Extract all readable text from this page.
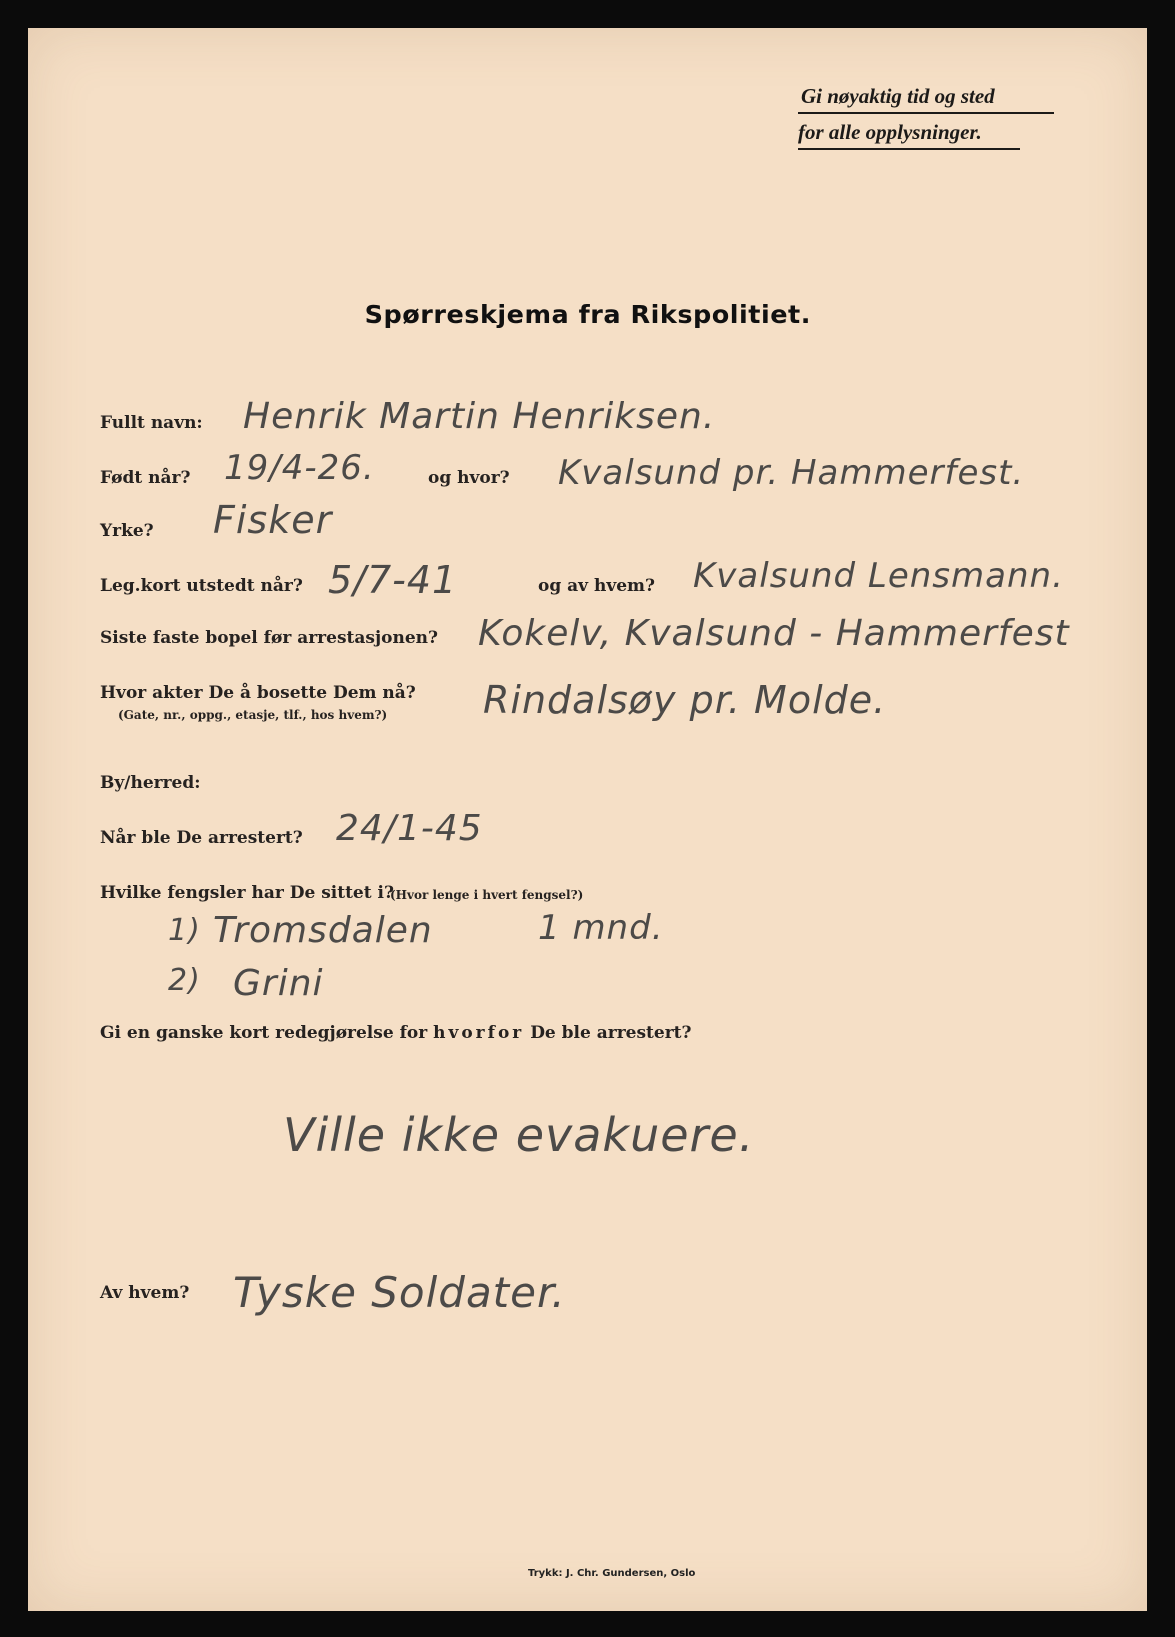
Gi nøyaktig tid og sted
for alle opplysninger.
Spørreskjema fra Rikspolitiet.
Fullt navn: Henrik Martin Henriksen.
Født når? 19/4-26.	og hvor? Kvalsund pr. Hammerfest.
Yrke? Fisker
Leg.kort utstedt når? 5/7-41	og av hvem? Kvalsund Lensmann.
Siste faste bopel før arrestasjonen? Kokelv, Kvalsund - Hammerfest
Hvor akter De å bosette Dem nå?
(Gate, nr., oppg., etasje, tlf., hos hvem?)	Rindalsøy pr. Molde.
By/herred:
Når ble De arrestert? 24/1-45
Hvilke fengsler har De sittet i?
(Hvor lenge i hvert fengsel?)
1) Tromsdalen	1 mnd.
2) Grini
Gi en ganske kort redegjørelse for hvorfor De ble arrestert?
Ville ikke evakuere.
Av hvem? Tyske Soldater.
Trykk: J. Chr. Gundersen, Oslo
